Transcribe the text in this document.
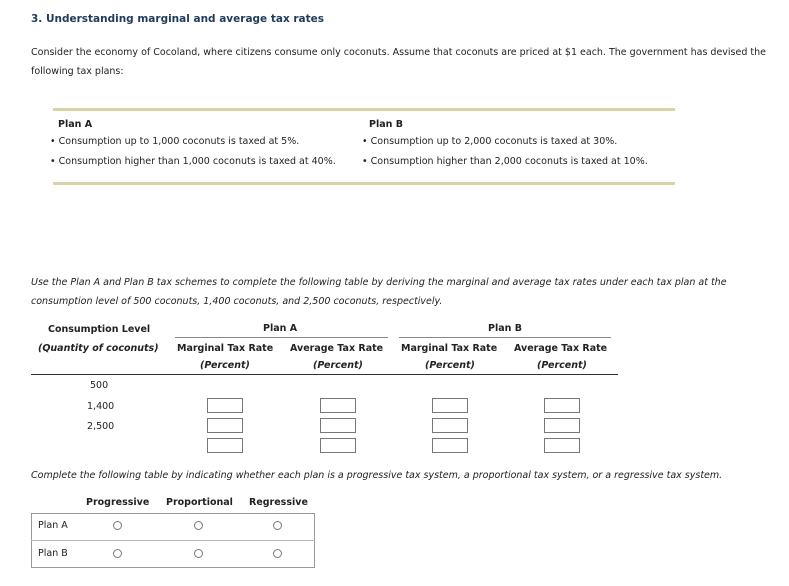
3. Understanding marginal and average tax rates
Consider the economy of Cocoland, where citizens consume only coconuts. Assume that coconuts are priced at $1 each. The government has devised the following tax plans:
Plan A
• Consumption up to 1,000 coconuts is taxed at 5%.
• Consumption higher than 1,000 coconuts is taxed at 40%.
Plan B
• Consumption up to 2,000 coconuts is taxed at 30%.
• Consumption higher than 2,000 coconuts is taxed at 10%.
Use the Plan A and Plan B tax schemes to complete the following table by deriving the marginal and average tax rates under each tax plan at the consumption level of 500 coconuts, 1,400 coconuts, and 2,500 coconuts, respectively.
Consumption Level
(Quantity of coconuts)
Plan A	Plan B
Marginal Tax Rate
(Percent)
Average Tax Rate
(Percent)
Marginal Tax Rate
(Percent)
Average Tax Rate
(Percent)
500
1,400
2,500
Complete the following table by indicating whether each plan is a progressive tax system, a proportional tax system, or a regressive tax system.
Progressive Proportional Regressive
Plan A
Plan B
